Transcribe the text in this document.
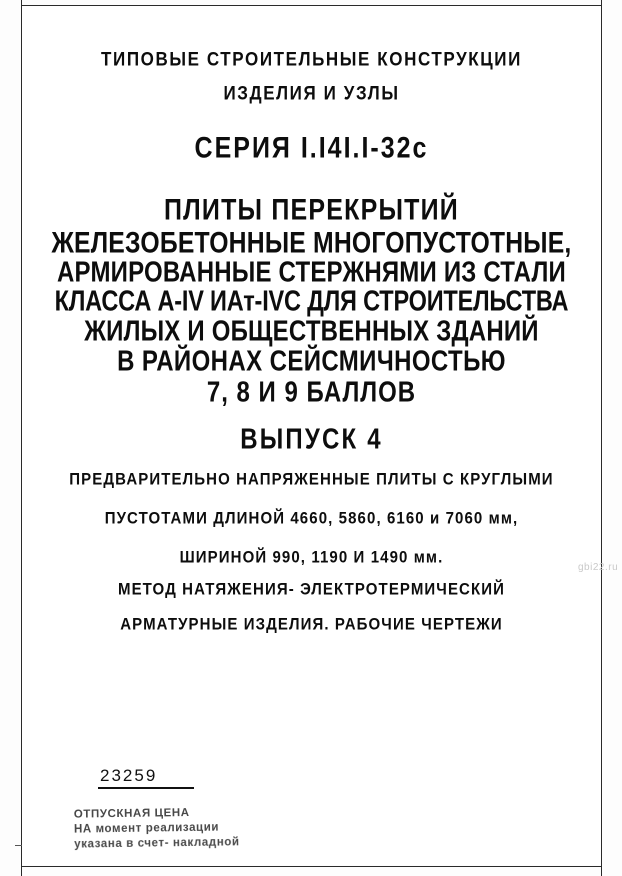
ТИПОВЫЕ СТРОИТЕЛЬНЫЕ КОНСТРУКЦИИ
ИЗДЕЛИЯ И УЗЛЫ
СЕРИЯ I.I4I.I-32с
ПЛИТЫ ПЕРЕКРЫТИЙ
ЖЕЛЕЗОБЕТОННЫЕ МНОГОПУСТОТНЫЕ,
АРМИРОВАННЫЕ СТЕРЖНЯМИ ИЗ СТАЛИ
КЛАССА А-IV ИАт-IVС ДЛЯ СТРОИТЕЛЬСТВА
ЖИЛЫХ И ОБЩЕСТВЕННЫХ ЗДАНИЙ
В РАЙОНАХ СЕЙСМИЧНОСТЬЮ
7, 8 И 9 БАЛЛОВ
ВЫПУСК 4
ПРЕДВАРИТЕЛЬНО НАПРЯЖЕННЫЕ ПЛИТЫ С КРУГЛЫМИ
ПУСТОТАМИ ДЛИНОЙ 4660, 5860, 6160 и 7060 мм,
ШИРИНОЙ 990, 1190 И 1490 мм.
МЕТОД НАТЯЖЕНИЯ- ЭЛЕКТРОТЕРМИЧЕСКИЙ
АРМАТУРНЫЕ ИЗДЕЛИЯ. РАБОЧИЕ ЧЕРТЕЖИ
gbi22.ru
23259
ОТПУСКНАЯ ЦЕНА
НА момент реализации
указана в счет- накладной
